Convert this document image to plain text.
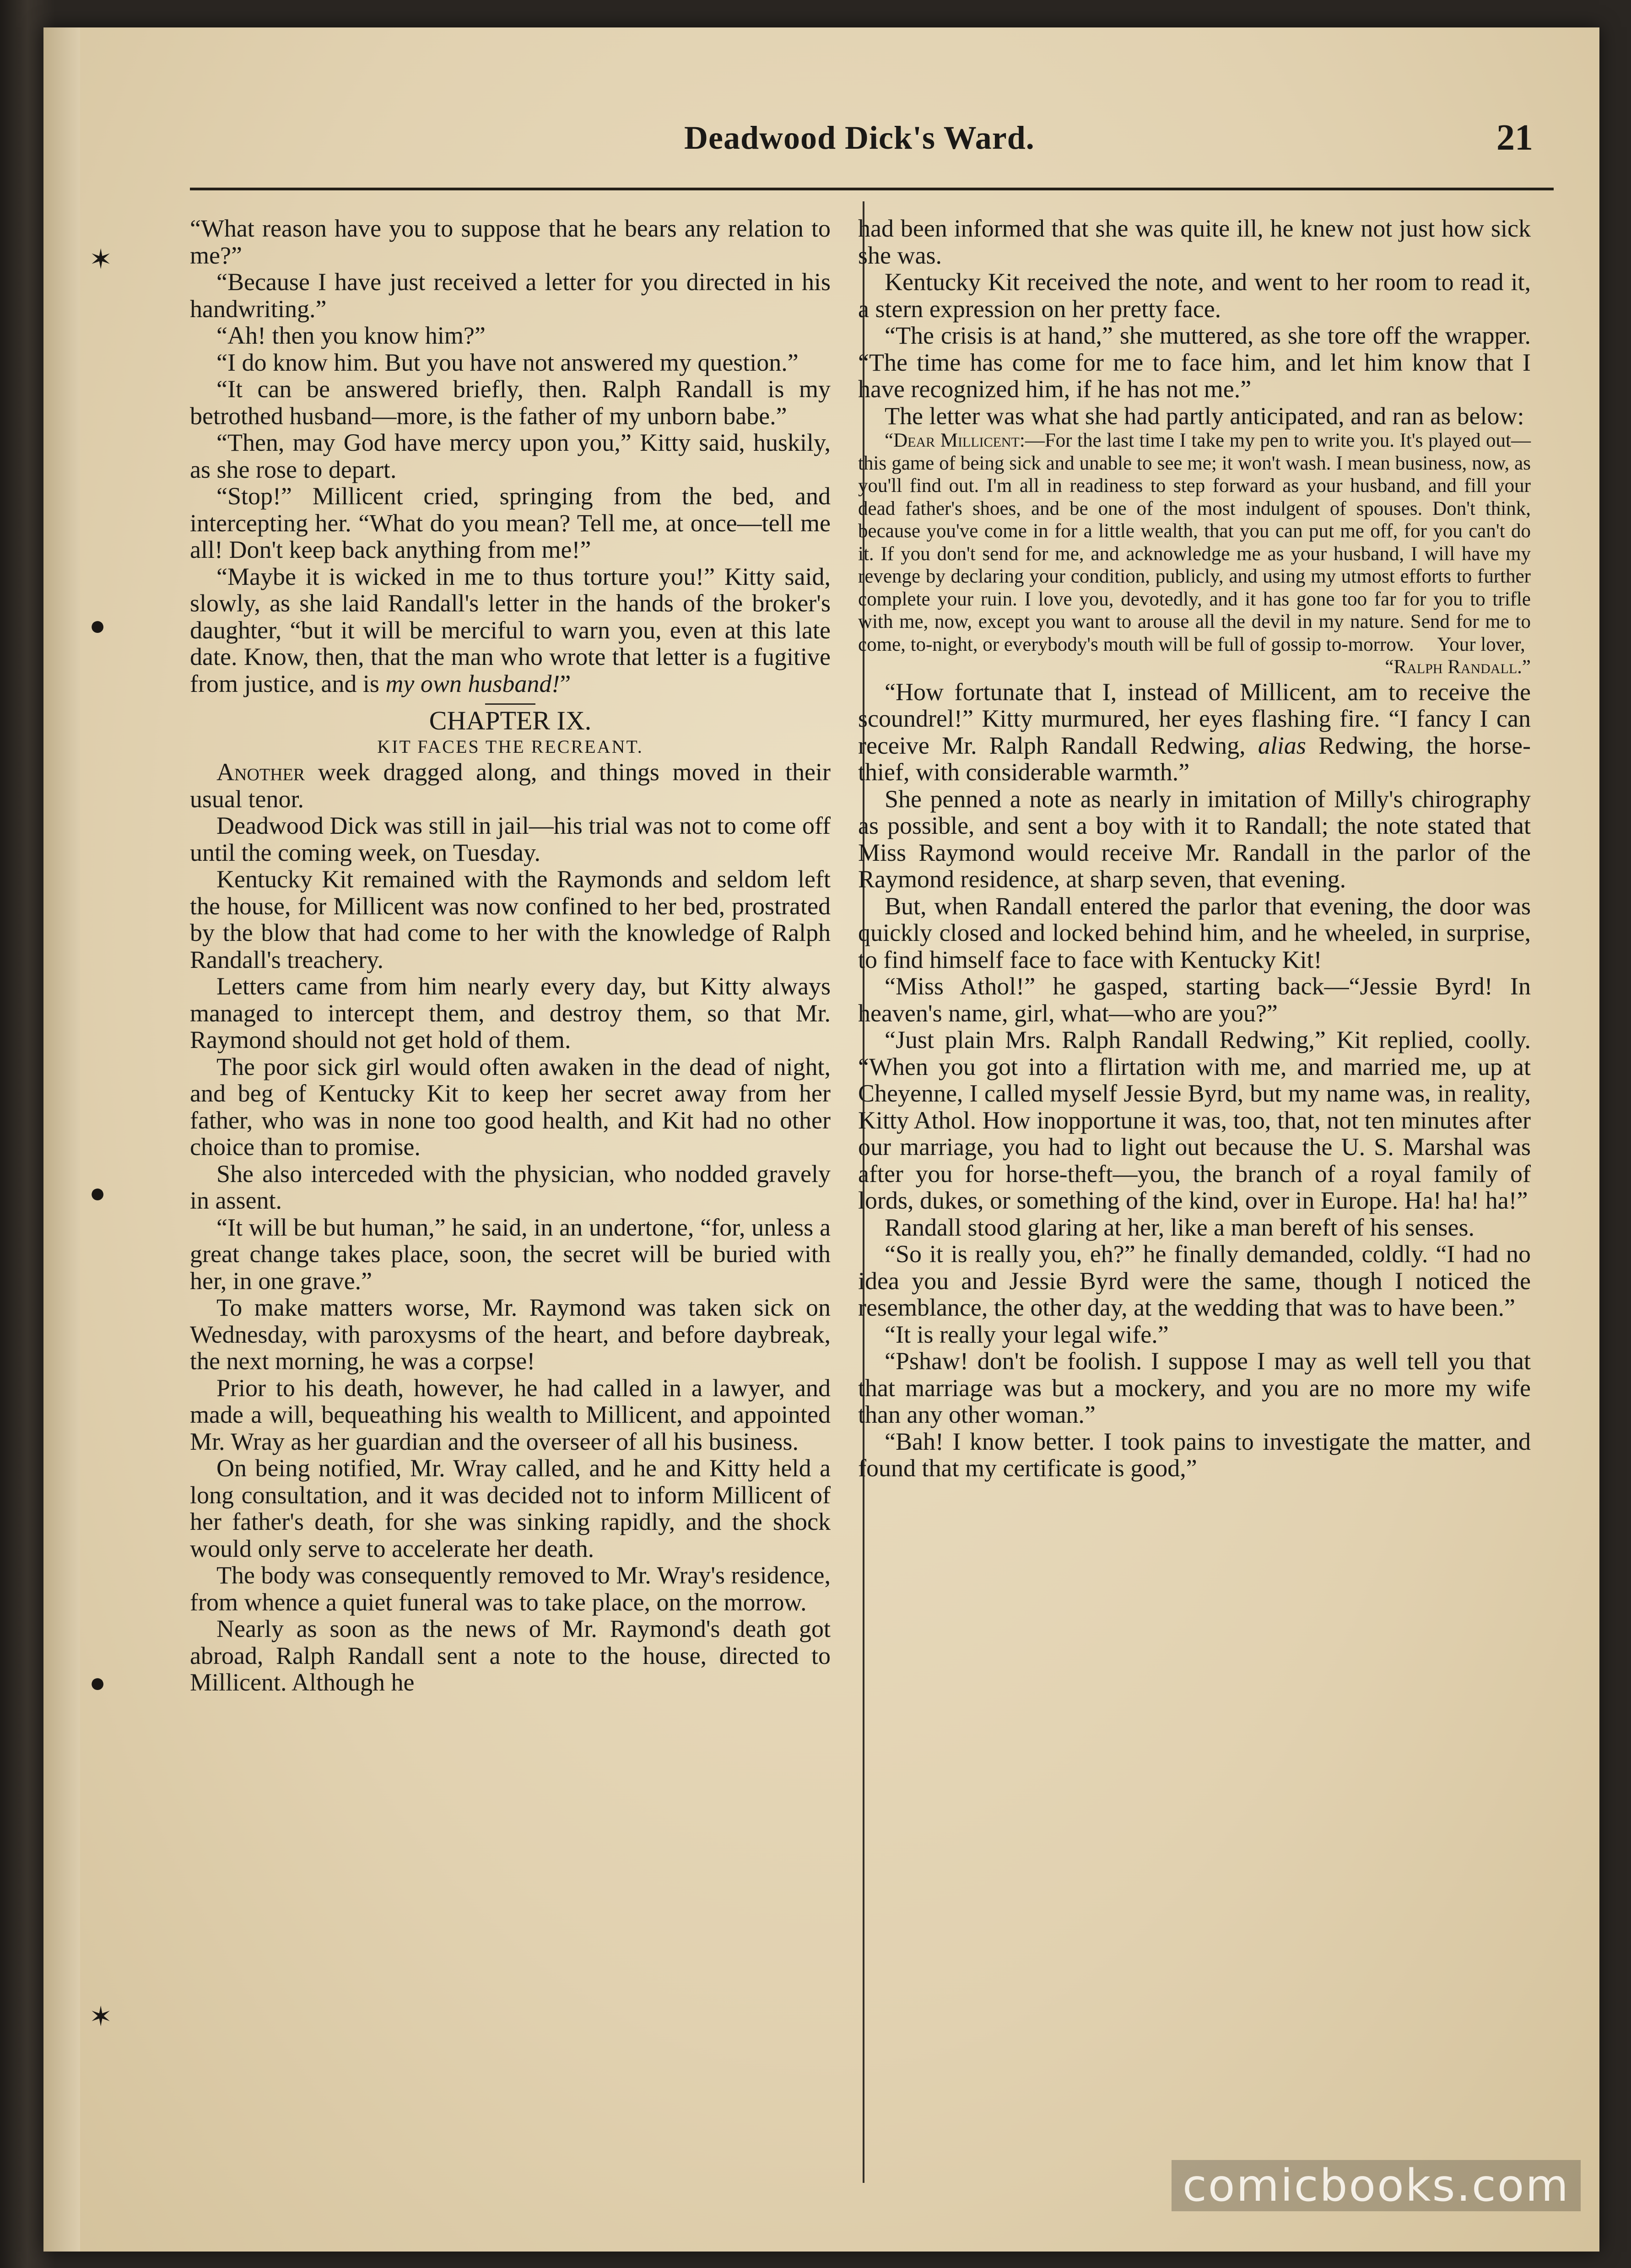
✶
●
●
●
✶
Deadwood Dick's Ward.	21

“What reason have you to suppose that he bears any relation to me?”

“Because I have just received a letter for you directed in his handwriting.”

“Ah! then you know him?”

“I do know him. But you have not answered my question.”

“It can be answered briefly, then. Ralph Randall is my betrothed husband—more, is the father of my unborn babe.”

“Then, may God have mercy upon you,” Kitty said, huskily, as she rose to depart.

“Stop!” Millicent cried, springing from the bed, and intercepting her. “What do you mean? Tell me, at once—tell me all! Don't keep back anything from me!”

“Maybe it is wicked in me to thus torture you!” Kitty said, slowly, as she laid Randall's letter in the hands of the broker's daughter, “but it will be merciful to warn you, even at this late date. Know, then, that the man who wrote that letter is a fugitive from justice, and is my own husband!”

CHAPTER IX.

KIT FACES THE RECREANT.

Another week dragged along, and things moved in their usual tenor.

Deadwood Dick was still in jail—his trial was not to come off until the coming week, on Tuesday.

Kentucky Kit remained with the Raymonds and seldom left the house, for Millicent was now confined to her bed, prostrated by the blow that had come to her with the knowledge of Ralph Randall's treachery.

Letters came from him nearly every day, but Kitty always managed to intercept them, and destroy them, so that Mr. Raymond should not get hold of them.

The poor sick girl would often awaken in the dead of night, and beg of Kentucky Kit to keep her secret away from her father, who was in none too good health, and Kit had no other choice than to promise.

She also interceded with the physician, who nodded gravely in assent.

“It will be but human,” he said, in an undertone, “for, unless a great change takes place, soon, the secret will be buried with her, in one grave.”

To make matters worse, Mr. Raymond was taken sick on Wednesday, with paroxysms of the heart, and before daybreak, the next morning, he was a corpse!

Prior to his death, however, he had called in a lawyer, and made a will, bequeathing his wealth to Millicent, and appointed Mr. Wray as her guardian and the overseer of all his business.

On being notified, Mr. Wray called, and he and Kitty held a long consultation, and it was decided not to inform Millicent of her father's death, for she was sinking rapidly, and the shock would only serve to accelerate her death.

The body was consequently removed to Mr. Wray's residence, from whence a quiet funeral was to take place, on the morrow.

Nearly as soon as the news of Mr. Raymond's death got abroad, Ralph Randall sent a note to the house, directed to Millicent. Although he

had been informed that she was quite ill, he knew not just how sick she was.

Kentucky Kit received the note, and went to her room to read it, a stern expression on her pretty face.

“The crisis is at hand,” she muttered, as she tore off the wrapper. “The time has come for me to face him, and let him know that I have recognized him, if he has not me.”

The letter was what she had partly anticipated, and ran as below:

“Dear Millicent:—For the last time I take my pen to write you. It's played out—this game of being sick and unable to see me; it won't wash. I mean business, now, as you'll find out. I'm all in readiness to step forward as your husband, and fill your dead father's shoes, and be one of the most indulgent of spouses. Don't think, because you've come in for a little wealth, that you can put me off, for you can't do it. If you don't send for me, and acknowledge me as your husband, I will have my revenge by declaring your condition, publicly, and using my utmost efforts to further complete your ruin. I love you, devotedly, and it has gone too far for you to trifle with me, now, except you want to arouse all the devil in my nature. Send for me to come, to-night, or everybody's mouth will be full of gossip to-morrow. Your lover,

“Ralph Randall.”

“How fortunate that I, instead of Millicent, am to receive the scoundrel!” Kitty murmured, her eyes flashing fire. “I fancy I can receive Mr. Ralph Randall Redwing, alias Redwing, the horse-thief, with considerable warmth.”

She penned a note as nearly in imitation of Milly's chirography as possible, and sent a boy with it to Randall; the note stated that Miss Raymond would receive Mr. Randall in the parlor of the Raymond residence, at sharp seven, that evening.

But, when Randall entered the parlor that evening, the door was quickly closed and locked behind him, and he wheeled, in surprise, to find himself face to face with Kentucky Kit!

“Miss Athol!” he gasped, starting back—“Jessie Byrd! In heaven's name, girl, what—who are you?”

“Just plain Mrs. Ralph Randall Redwing,” Kit replied, coolly. “When you got into a flirtation with me, and married me, up at Cheyenne, I called myself Jessie Byrd, but my name was, in reality, Kitty Athol. How inopportune it was, too, that, not ten minutes after our marriage, you had to light out because the U. S. Marshal was after you for horse-theft—you, the branch of a royal family of lords, dukes, or something of the kind, over in Europe. Ha! ha! ha!”

Randall stood glaring at her, like a man bereft of his senses.

“So it is really you, eh?” he finally demanded, coldly. “I had no idea you and Jessie Byrd were the same, though I noticed the resemblance, the other day, at the wedding that was to have been.”

“It is really your legal wife.”

“Pshaw! don't be foolish. I suppose I may as well tell you that that marriage was but a mockery, and you are no more my wife than any other woman.”

“Bah! I know better. I took pains to investigate the matter, and found that my certificate is good,”

comicbooks.com
